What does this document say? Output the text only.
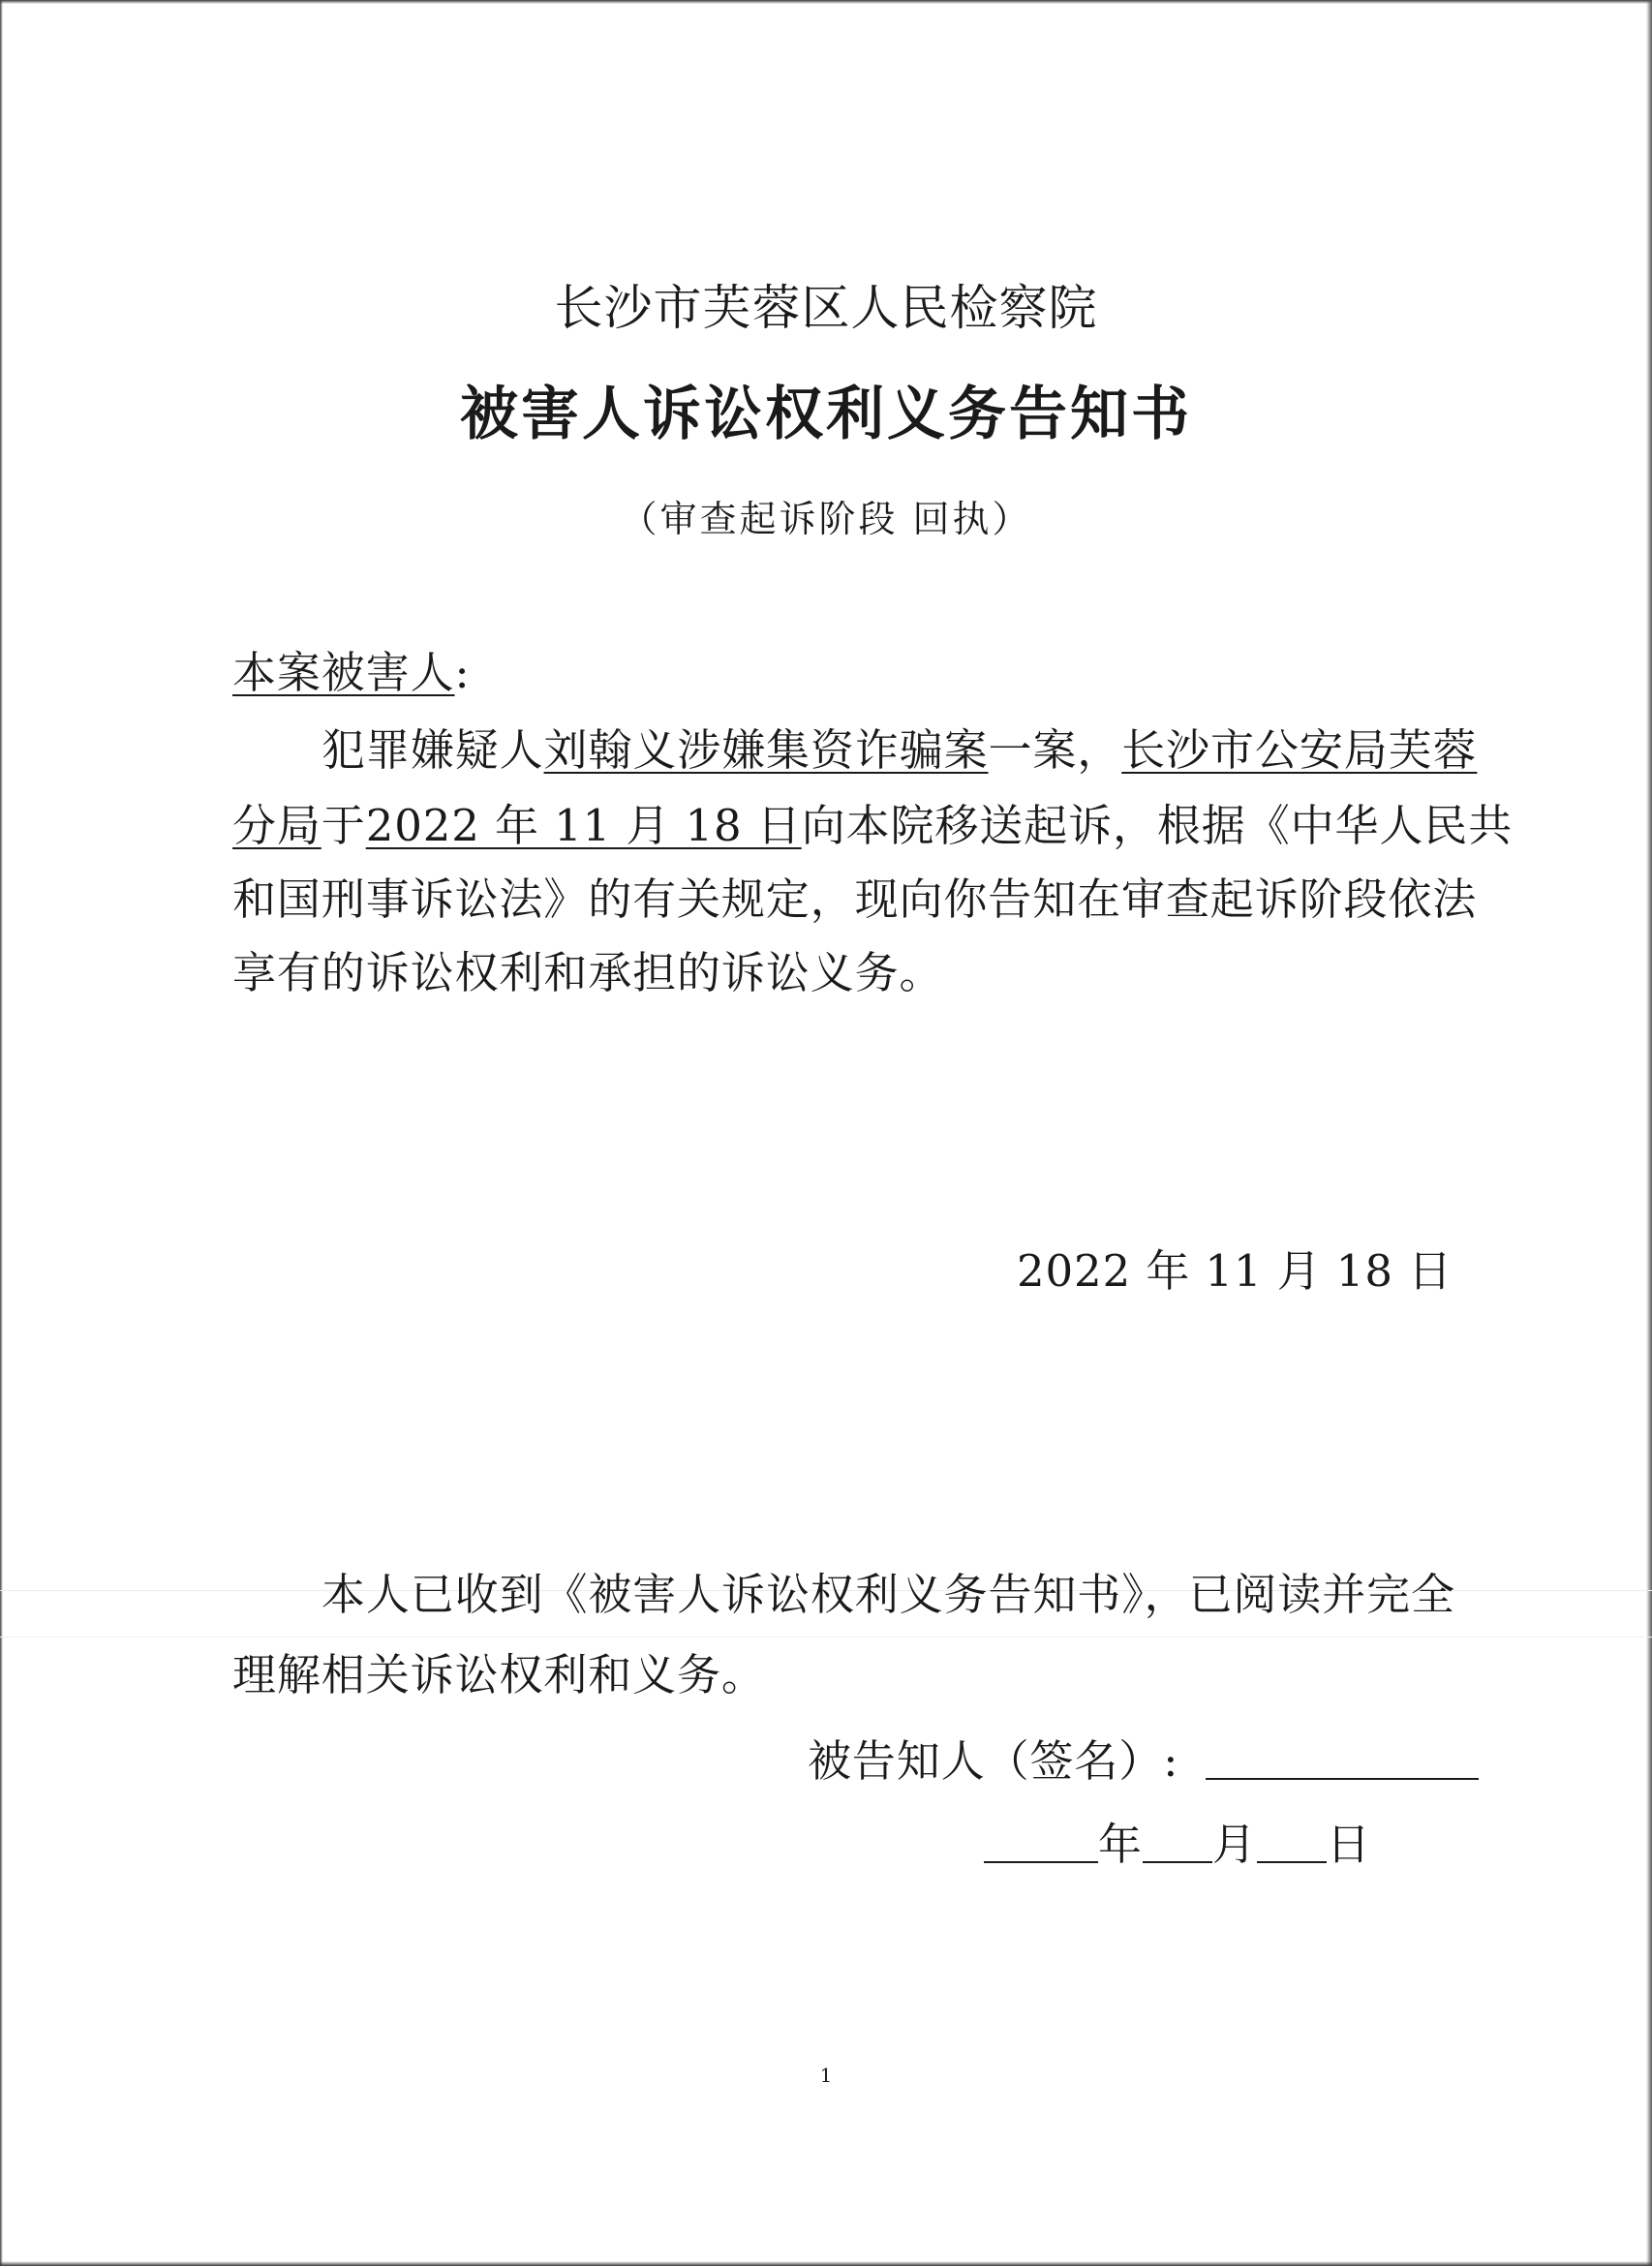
长沙市芙蓉区人民检察院
被害人诉讼权利义务告知书
（审查起诉阶段 回执）
本案被害人:
犯罪嫌疑人刘翰义涉嫌集资诈骗案一案，长沙市公安局芙蓉
分局于2022 年 11 月 18 日向本院移送起诉，根据《中华人民共
和国刑事诉讼法》的有关规定，现向你告知在审查起诉阶段依法
享有的诉讼权利和承担的诉讼义务。
2022 年 11 月 18 日
本人已收到《被害人诉讼权利义务告知书》，已阅读并完全
理解相关诉讼权利和义务。
被告知人（签名）:
年 月 日
1
